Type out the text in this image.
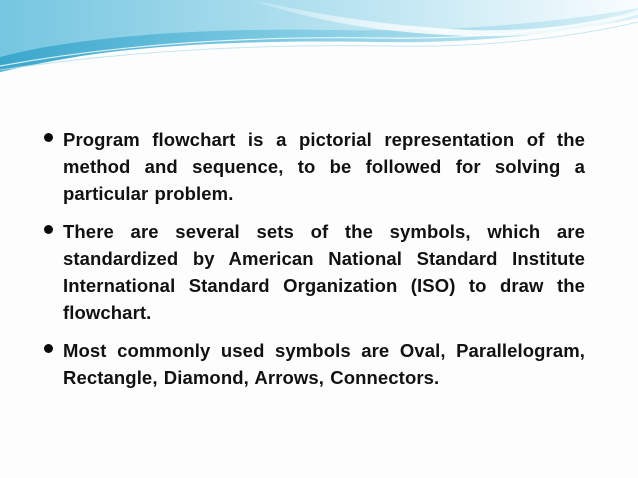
Program flowchart is a pictorial representation of the method and sequence, to be followed for solving a particular problem.
There are several sets of the symbols, which are standardized by American National Standard Institute International Standard Organization (ISO) to draw the flowchart.
Most commonly used symbols are Oval, Parallelogram, Rectangle, Diamond, Arrows, Connectors.
